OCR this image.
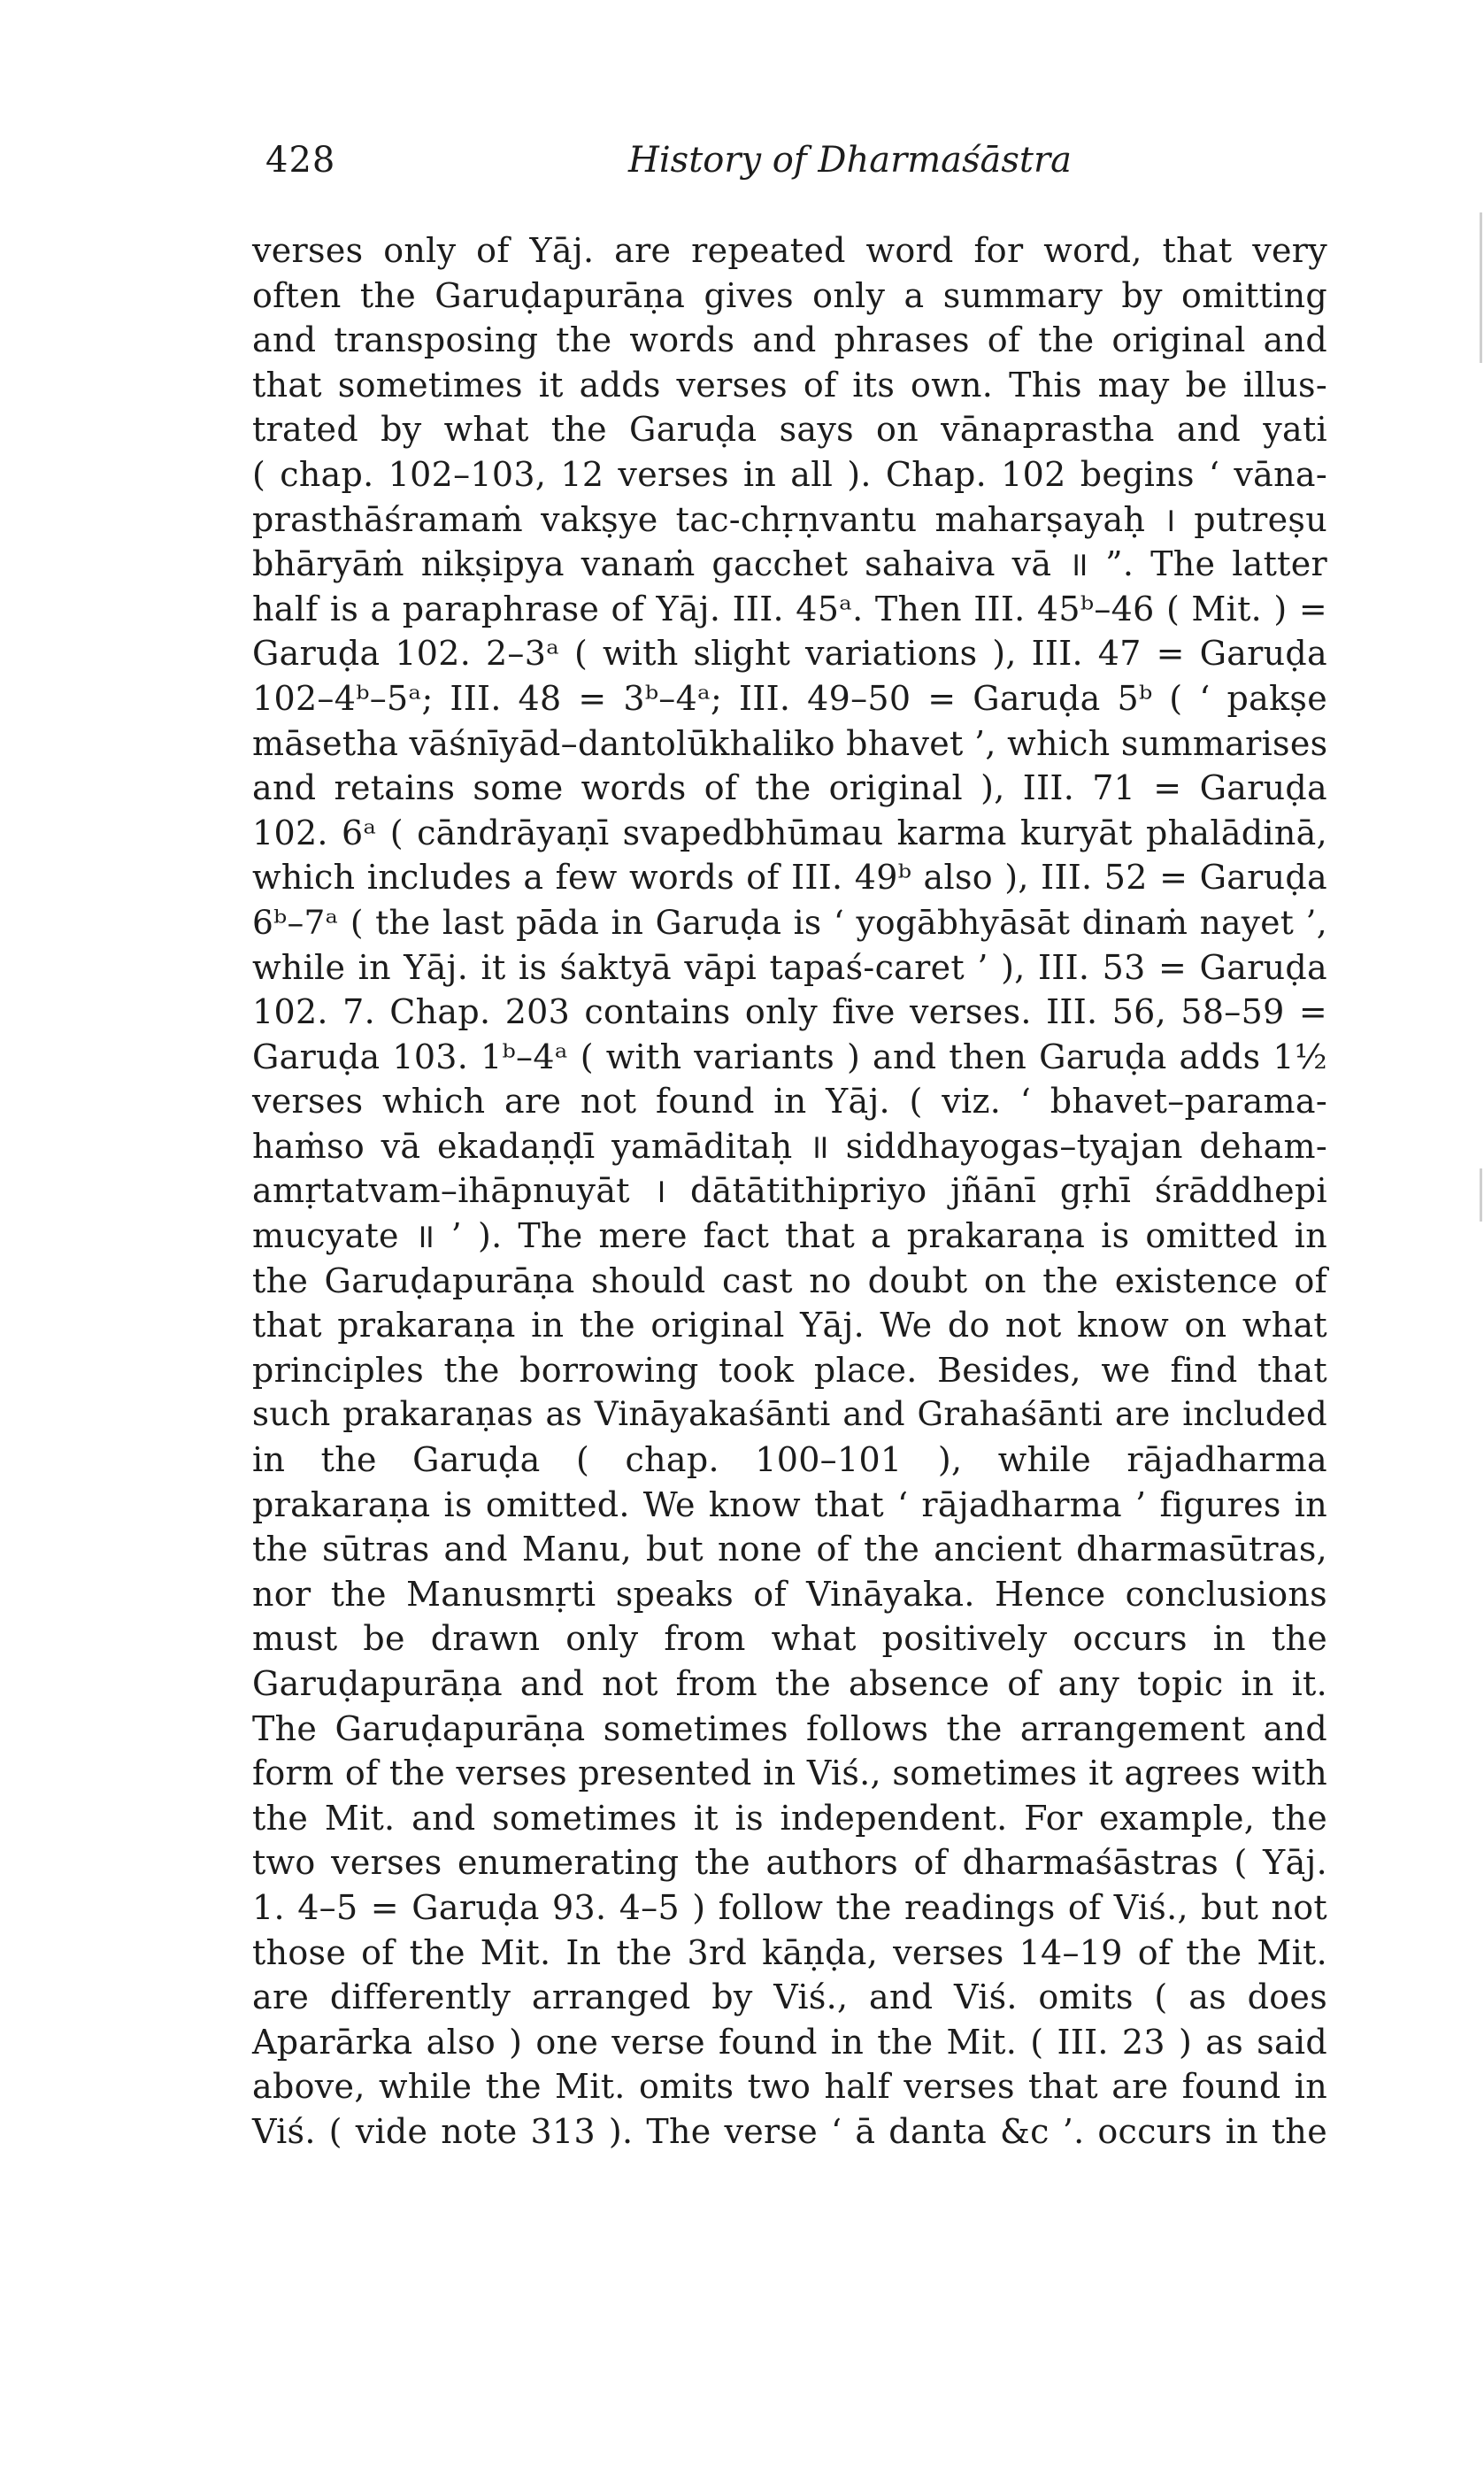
428	History of Dharmaśāstra
verses only of Yāj. are repeated word for word, that very
often the Garuḍapurāṇa gives only a summary by omitting
and transposing the words and phrases of the original and
that sometimes it adds verses of its own. This may be illus-
trated by what the Garuḍa says on vānaprastha and yati
( chap. 102–103, 12 verses in all ). Chap. 102 begins ‘ vāna-
prasthāśramaṁ vakṣye tac-chṛṇvantu maharṣayaḥ । putreṣu
bhāryāṁ nikṣipya vanaṁ gacchet sahaiva vā ॥ ”. The latter
half is a paraphrase of Yāj. III. 45ᵃ. Then III. 45ᵇ–46 ( Mit. ) =
Garuḍa 102. 2–3ᵃ ( with slight variations ), III. 47 = Garuḍa
102–4ᵇ–5ᵃ; III. 48 = 3ᵇ–4ᵃ; III. 49–50 = Garuḍa 5ᵇ ( ‘ pakṣe
māsetha vāśnīyād–dantolūkhaliko bhavet ’, which summarises
and retains some words of the original ), III. 71 = Garuḍa
102. 6ᵃ ( cāndrāyaṇī svapedbhūmau karma kuryāt phalādinā,
which includes a few words of III. 49ᵇ also ), III. 52 = Garuḍa
6ᵇ–7ᵃ ( the last pāda in Garuḍa is ‘ yogābhyāsāt dinaṁ nayet ’,
while in Yāj. it is śaktyā vāpi tapaś-caret ’ ), III. 53 = Garuḍa
102. 7. Chap. 203 contains only five verses. III. 56, 58–59 =
Garuḍa 103. 1ᵇ–4ᵃ ( with variants ) and then Garuḍa adds 1½
verses which are not found in Yāj. ( viz. ‘ bhavet–parama-
haṁso vā ekadaṇḍī yamāditaḥ ॥ siddhayogas–tyajan deham-
amṛtatvam–ihāpnuyāt । dātātithipriyo jñānī gṛhī śrāddhepi
mucyate ॥ ’ ). The mere fact that a prakaraṇa is omitted in
the Garuḍapurāṇa should cast no doubt on the existence of
that prakaraṇa in the original Yāj. We do not know on what
principles the borrowing took place. Besides, we find that
such prakaraṇas as Vināyakaśānti and Grahaśānti are included
in the Garuḍa ( chap. 100–101 ), while rājadharma
prakaraṇa is omitted. We know that ‘ rājadharma ’ figures in
the sūtras and Manu, but none of the ancient dharmasūtras,
nor the Manusmṛti speaks of Vināyaka. Hence conclusions
must be drawn only from what positively occurs in the
Garuḍapurāṇa and not from the absence of any topic in it.
The Garuḍapurāṇa sometimes follows the arrangement and
form of the verses presented in Viś., sometimes it agrees with
the Mit. and sometimes it is independent. For example, the
two verses enumerating the authors of dharmaśāstras ( Yāj.
1. 4–5 = Garuḍa 93. 4–5 ) follow the readings of Viś., but not
those of the Mit. In the 3rd kāṇḍa, verses 14–19 of the Mit.
are differently arranged by Viś., and Viś. omits ( as does
Aparārka also ) one verse found in the Mit. ( III. 23 ) as said
above, while the Mit. omits two half verses that are found in
Viś. ( vide note 313 ). The verse ‘ ā danta &c ’. occurs in the
